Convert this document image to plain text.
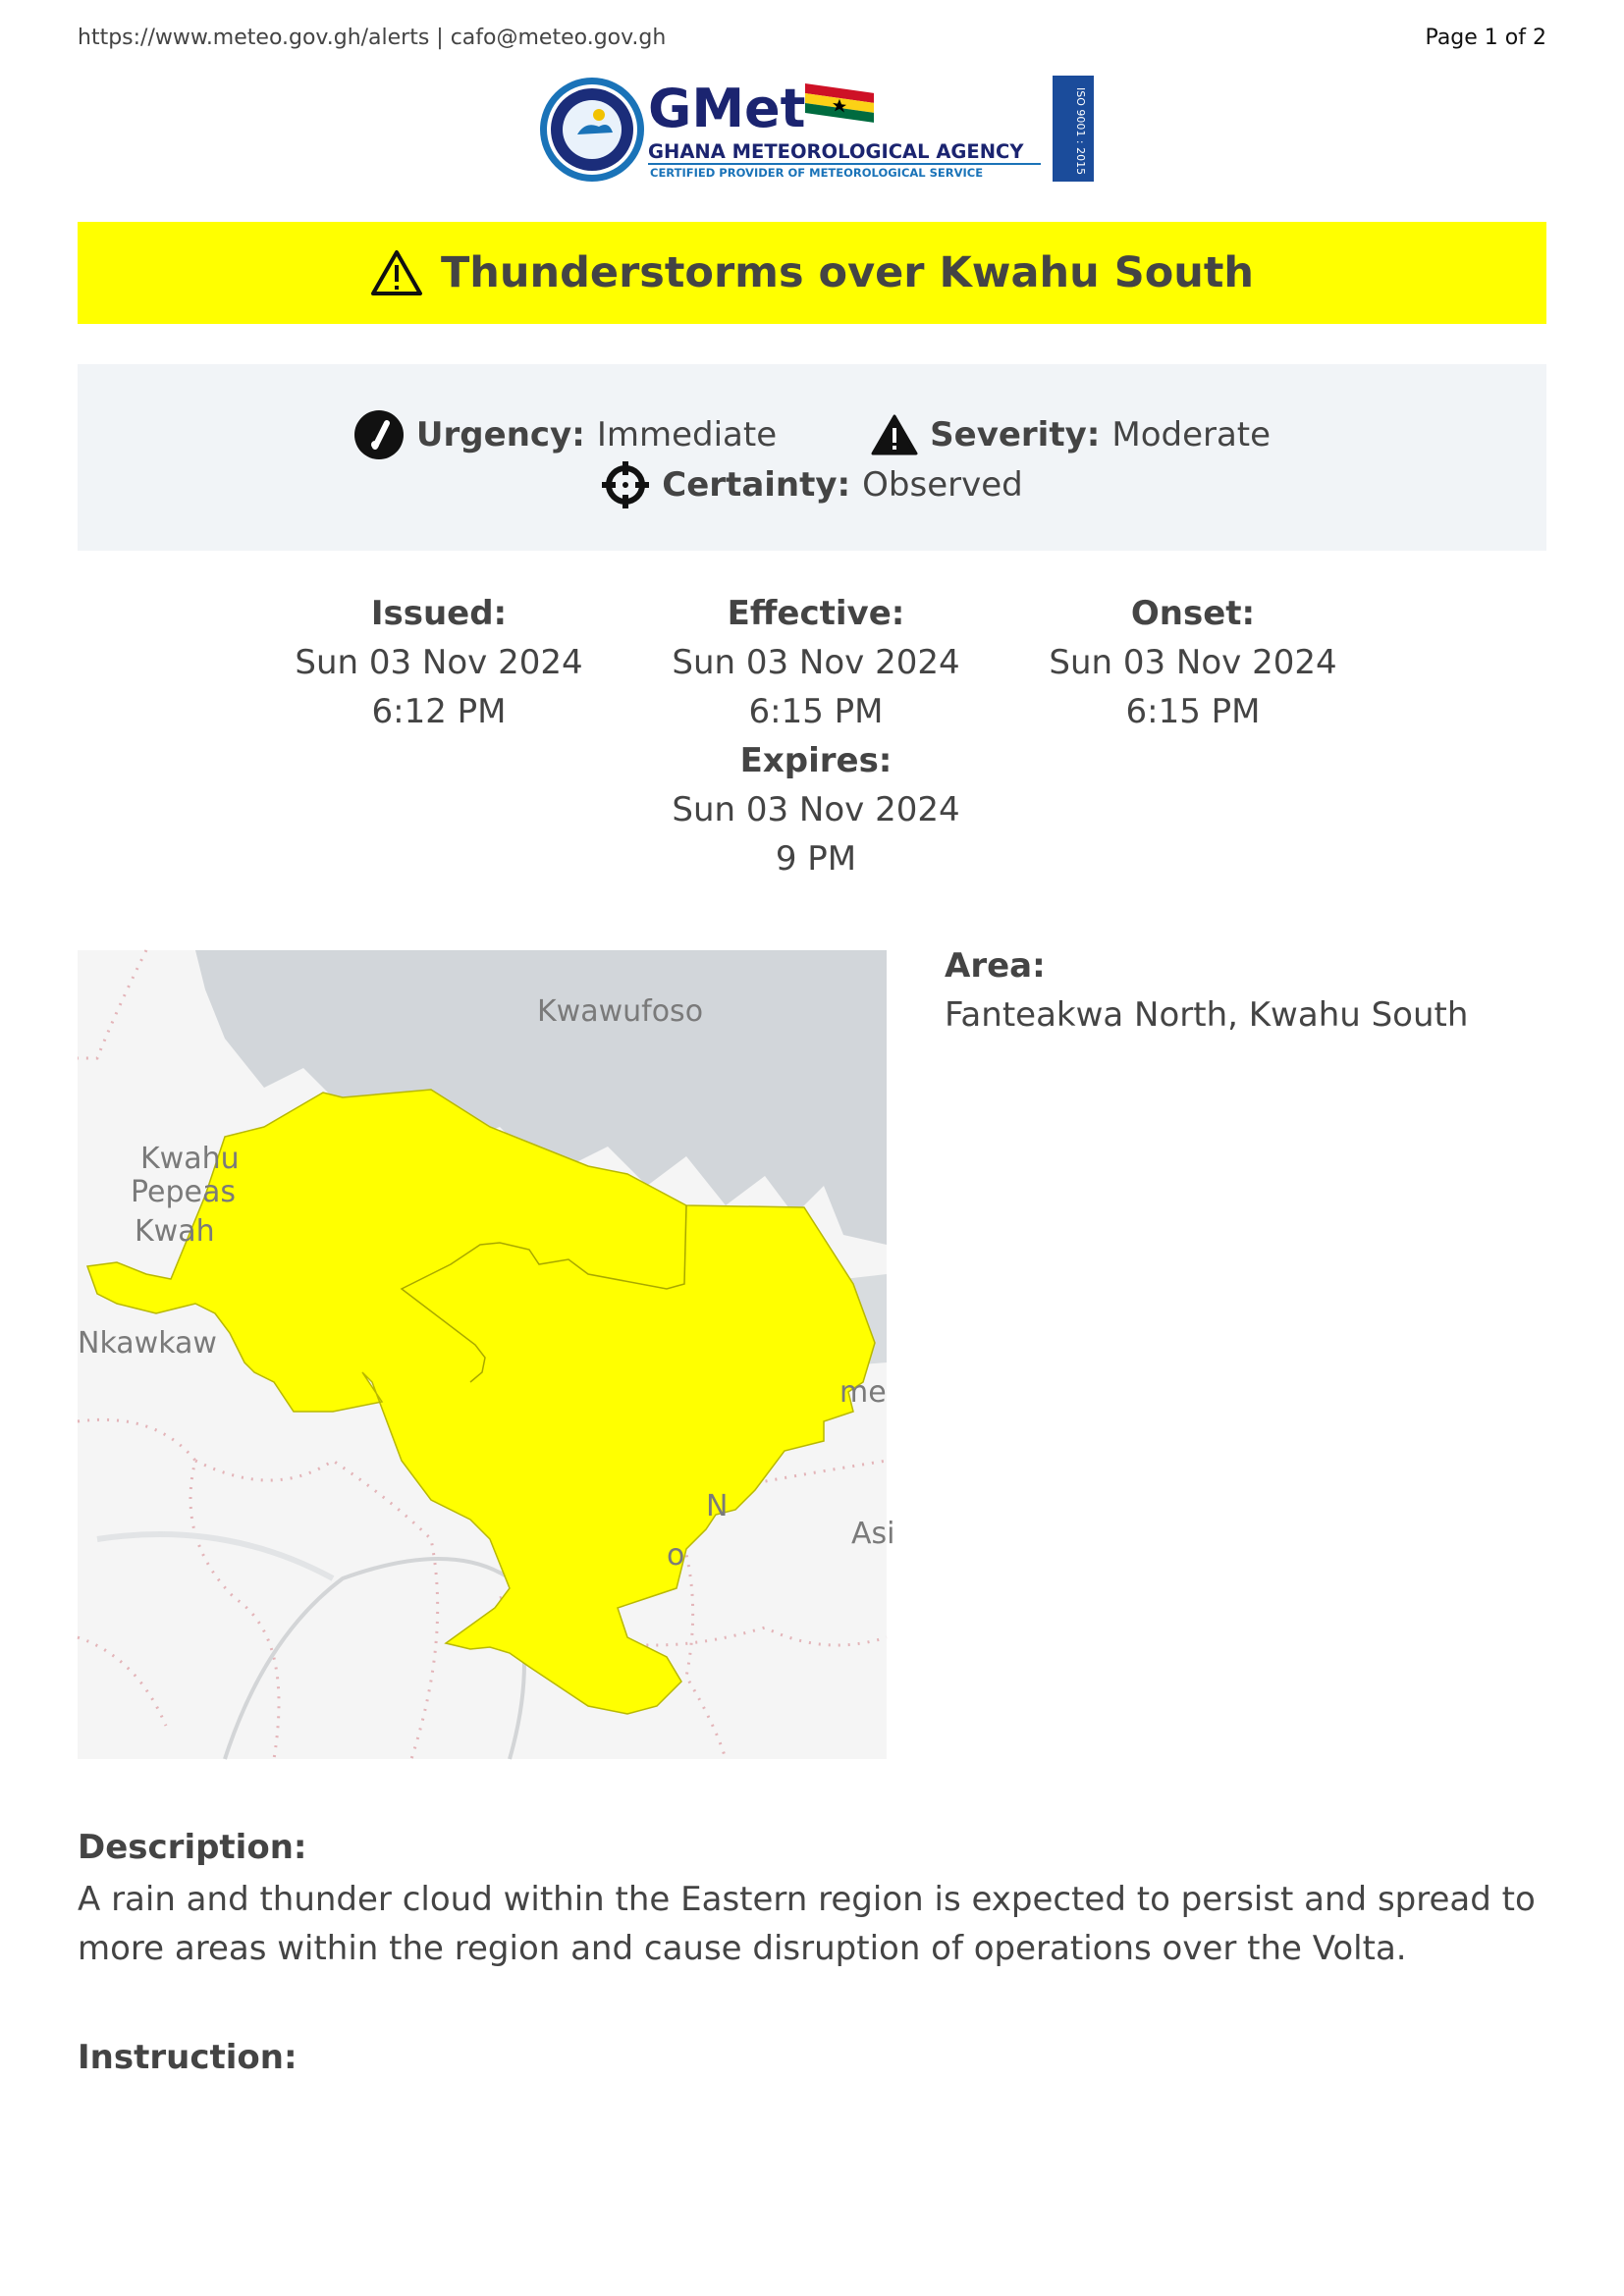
https://www.meteo.gov.gh/alerts | cafo@meteo.gov.gh	Page 1 of 2
GMet
GHANA METEOROLOGICAL AGENCY
CERTIFIED PROVIDER OF METEOROLOGICAL SERVICE	ISO 9001 : 2015
Thunderstorms over Kwahu South
Urgency: Immediate	Severity: Moderate
Certainty: Observed
Issued:
Sun 03 Nov 2024
6:12 PM
Effective:
Sun 03 Nov 2024
6:15 PM
Onset:
Sun 03 Nov 2024
6:15 PM
Expires:
Sun 03 Nov 2024
9 PM
Kwawufoso
Kwahu
Pepeas
Kwah
Nkawkaw
me
Asi
o
N
Area:
Fanteakwa North, Kwahu South
Description:
A rain and thunder cloud within the Eastern region is expected to persist and spread to more areas within the region and cause disruption of operations over the Volta.
Instruction:
